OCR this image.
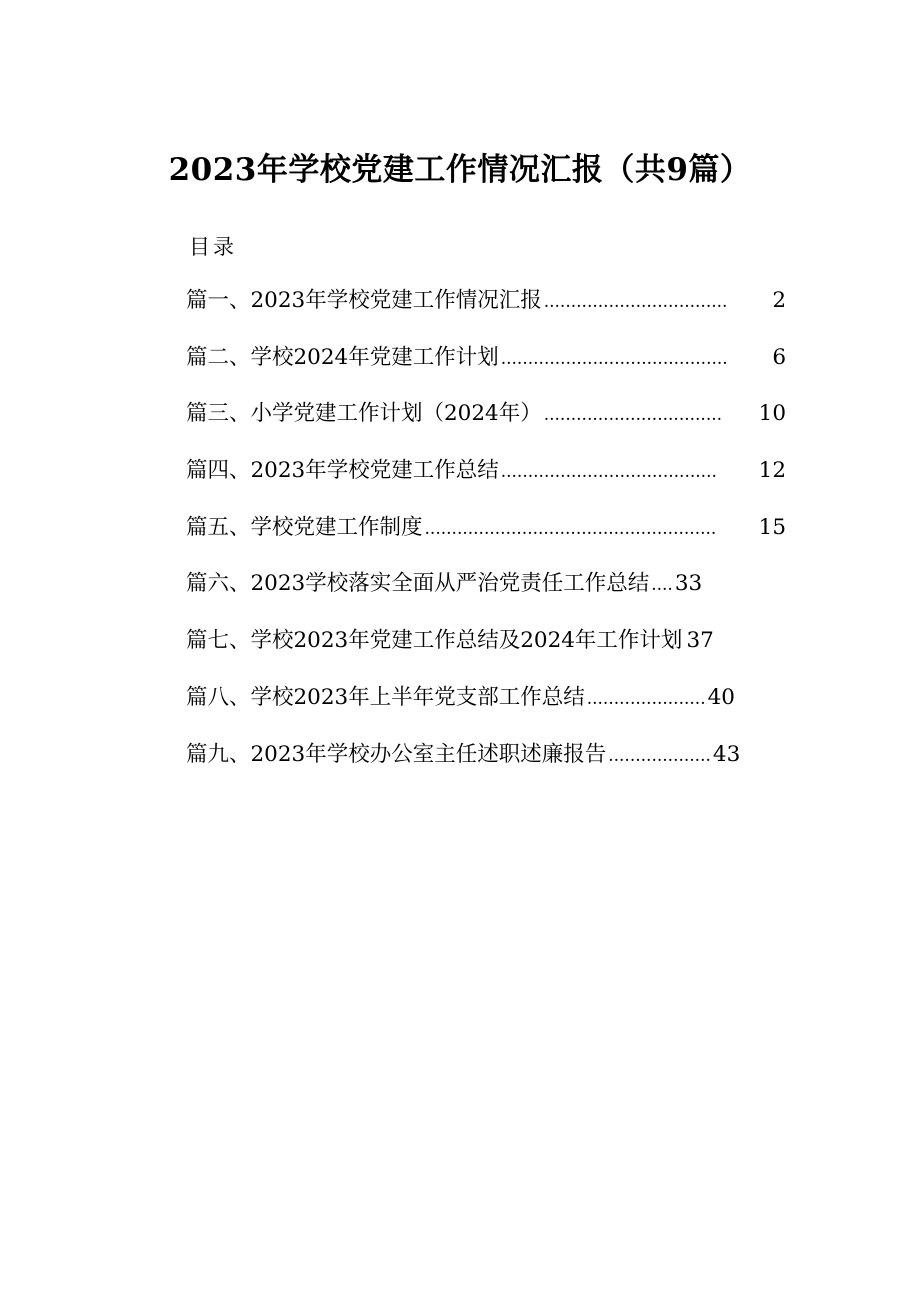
2023年学校党建工作情况汇报（共9篇）
目录
篇一、2023年学校党建工作情况汇报 ..................................	2
篇二、学校2024年党建工作计划 ..........................................	6
篇三、小学党建工作计划（2024年） .................................	10
篇四、2023年学校党建工作总结 ........................................	12
篇五、学校党建工作制度 ......................................................	15
篇六、2023学校落实全面从严治党责任工作总结 .... 33
篇七、学校2023年党建工作总结及2024年工作计划 37
篇八、学校2023年上半年党支部工作总结 ...................... 40
篇九、2023年学校办公室主任述职述廉报告 ................... 43
